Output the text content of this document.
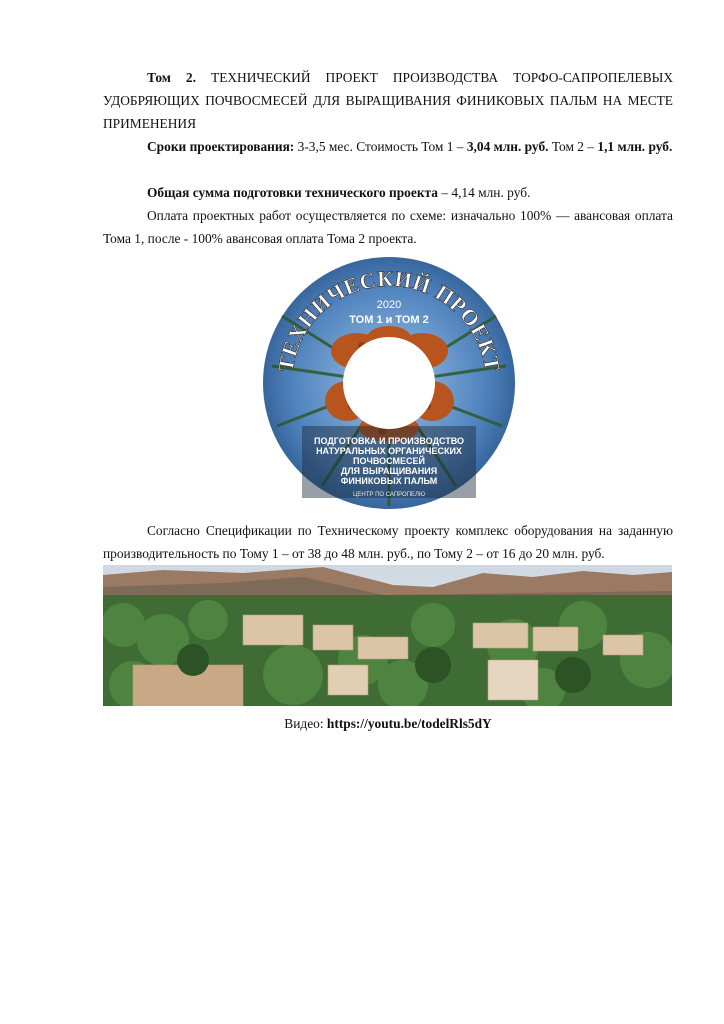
Том 2. ТЕХНИЧЕСКИЙ ПРОЕКТ ПРОИЗВОДСТВА ТОРФО-САПРОПЕЛЕВЫХ УДОБРЯЮЩИХ ПОЧВОСМЕСЕЙ ДЛЯ ВЫРАЩИВАНИЯ ФИНИКОВЫХ ПАЛЬМ НА МЕСТЕ ПРИМЕНЕНИЯ

Сроки проектирования: 3-3,5 мес. Стоимость Том 1 – 3,04 млн. руб. Том 2 – 1,1 млн. руб.

Общая сумма подготовки технического проекта – 4,14 млн. руб.

Оплата проектных работ осуществляется по схеме: изначально 100% — авансовая оплата Тома 1, после - 100% авансовая оплата Тома 2 проекта.

ТЕХНИЧЕСКИЙ ПРОЕКТ
2020
ТОМ 1 и ТОМ 2
ПОДГОТОВКА И ПРОИЗВОДСТВО
НАТУРАЛЬНЫХ ОРГАНИЧЕСКИХ
ПОЧВОСМЕСЕЙ
ДЛЯ ВЫРАЩИВАНИЯ
ФИНИКОВЫХ ПАЛЬМ
ЦЕНТР ПО САПРОПЕЛЮ

Согласно Спецификации по Техническому проекту комплекс оборудования на заданную производительность по Тому 1 – от 38 до 48 млн. руб., по Тому 2 – от 16 до 20 млн. руб.

Видео: https://youtu.be/todelRls5dY
